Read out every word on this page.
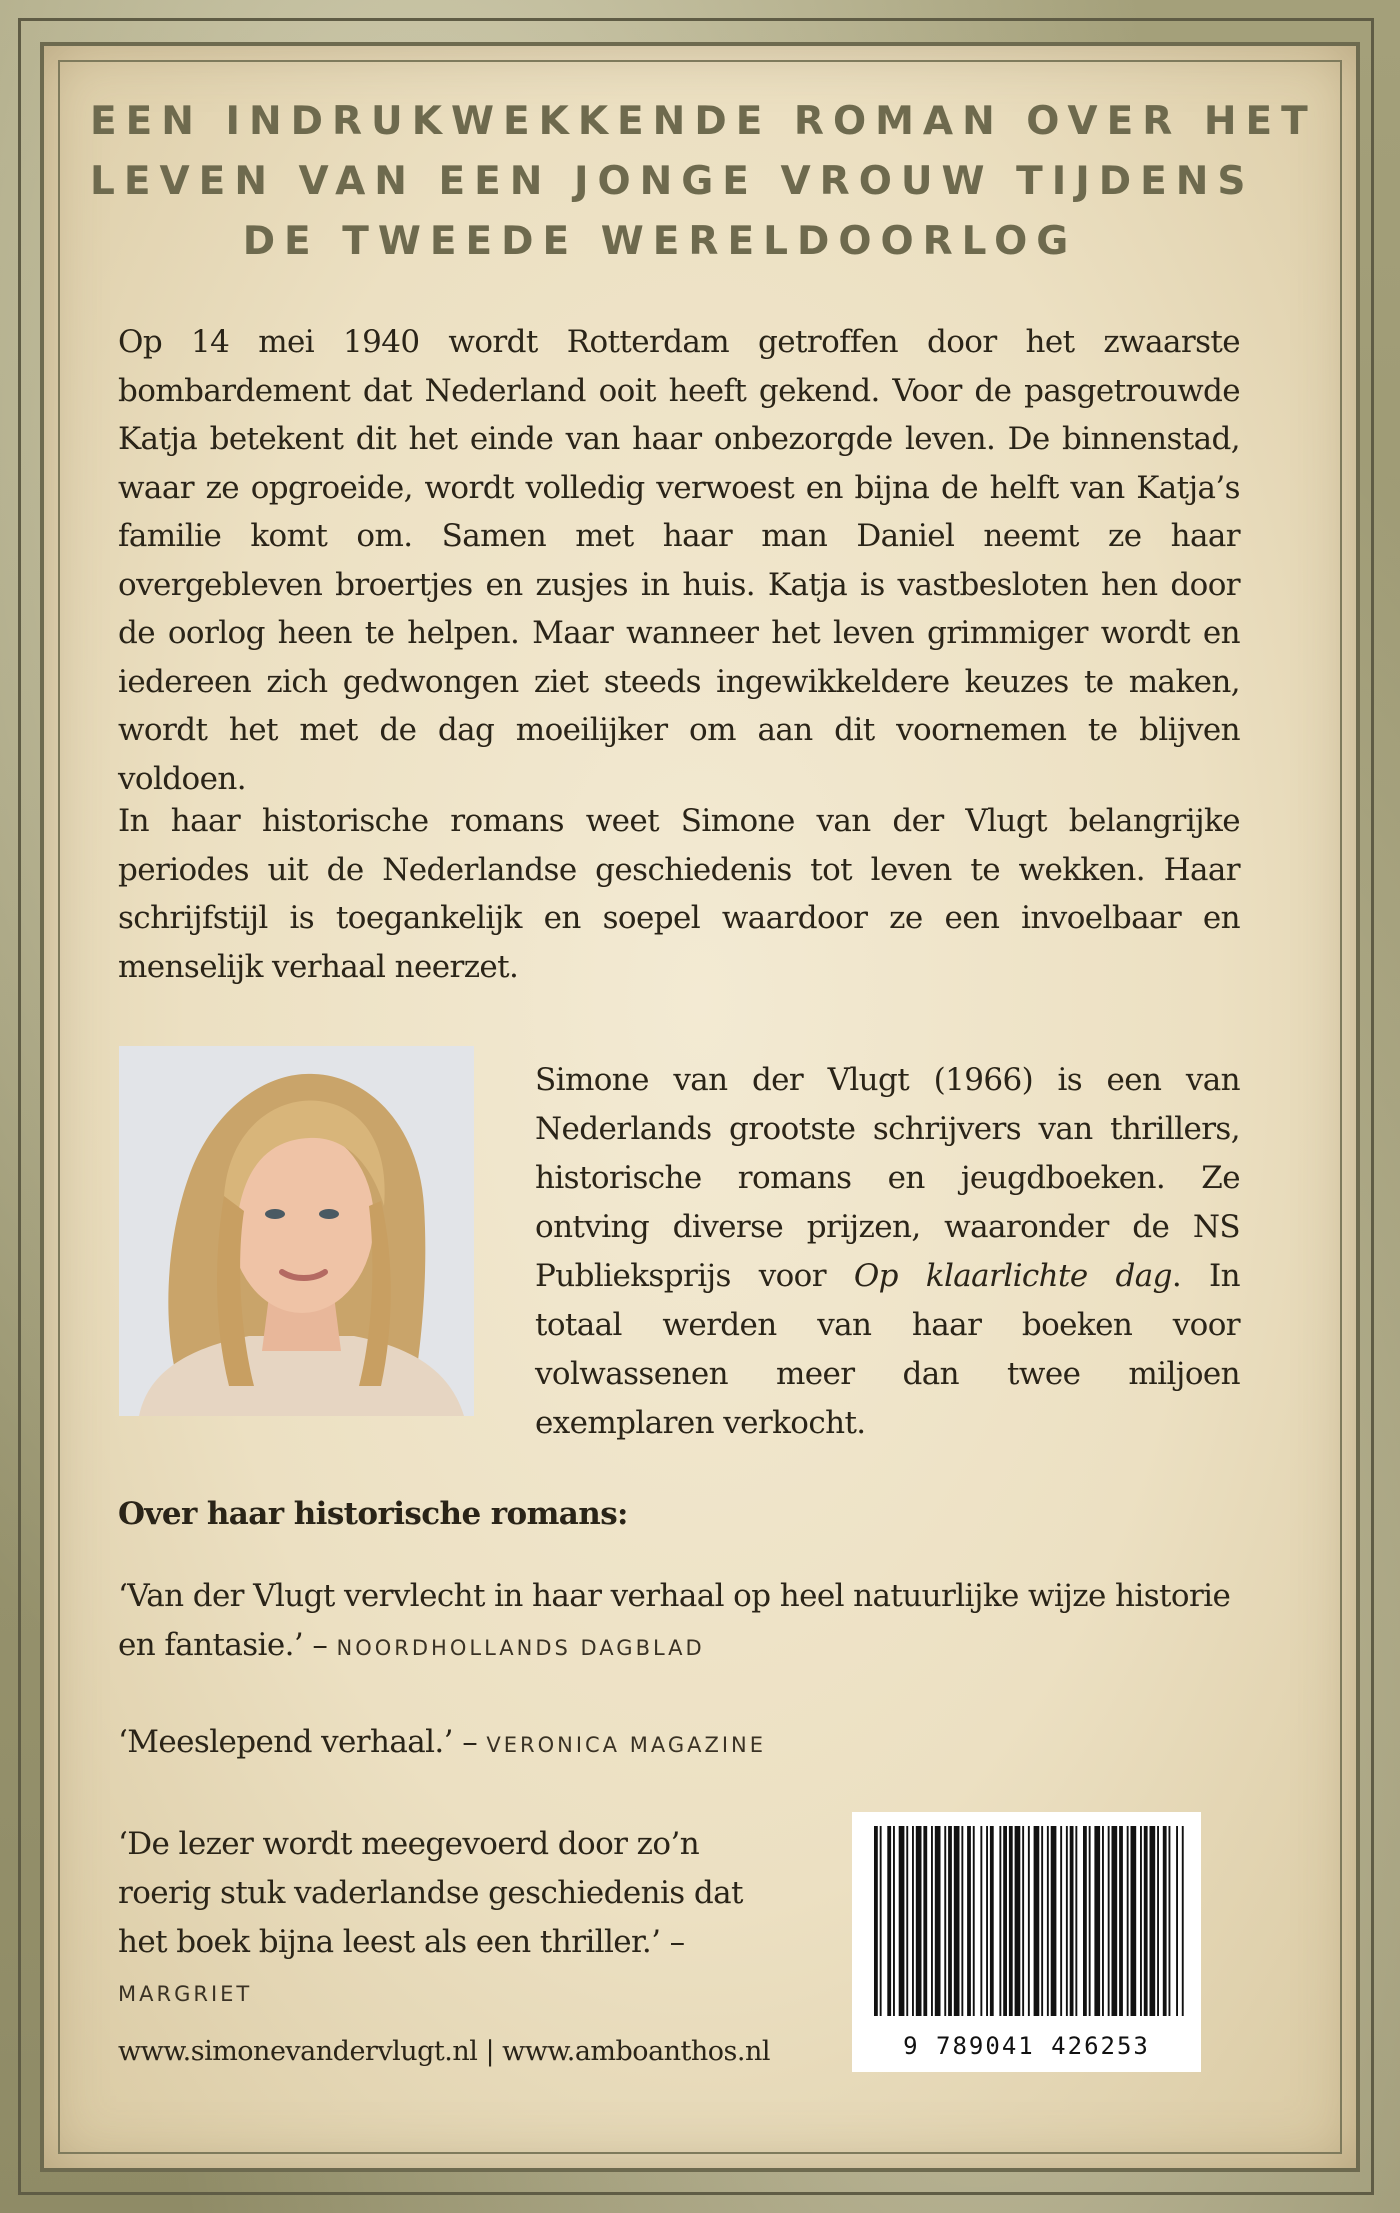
EEN INDRUKWEKKENDE ROMAN OVER HET
LEVEN VAN EEN JONGE VROUW TIJDENS
DE TWEEDE WERELDOORLOG
Op 14 mei 1940 wordt Rotterdam getroffen door het zwaarste bombardement dat Nederland ooit heeft gekend. Voor de pasgetrouwde Katja betekent dit het einde van haar onbezorgde leven. De binnenstad, waar ze opgroeide, wordt volledig verwoest en bijna de helft van Katja’s familie komt om. Samen met haar man Daniel neemt ze haar overgebleven broertjes en zusjes in huis. Katja is vastbesloten hen door de oorlog heen te helpen. Maar wanneer het leven grimmiger wordt en iedereen zich gedwongen ziet steeds ingewikkeldere keuzes te maken, wordt het met de dag moeilijker om aan dit voornemen te blijven voldoen.
In haar historische romans weet Simone van der Vlugt belangrijke periodes uit de Nederlandse geschiedenis tot leven te wekken. Haar schrijfstijl is toegankelijk en soepel waardoor ze een invoelbaar en menselijk verhaal neerzet.
Simone van der Vlugt (1966) is een van Nederlands grootste schrijvers van thrillers, historische romans en jeugdboeken. Ze ontving diverse prijzen, waaronder de NS Publieksprijs voor Op klaarlichte dag. In totaal werden van haar boeken voor volwassenen meer dan twee miljoen exemplaren verkocht.
Over haar historische romans:
‘Van der Vlugt vervlecht in haar verhaal op heel natuurlijke wijze historie en fantasie.’ – NOORDHOLLANDS DAGBLAD
‘Meeslepend verhaal.’ – VERONICA MAGAZINE
‘De lezer wordt meegevoerd door zo’n roerig stuk vaderlandse geschiedenis dat het boek bijna leest als een thriller.’ – MARGRIET
9 789041 426253
www.simonevandervlugt.nl | www.amboanthos.nl
